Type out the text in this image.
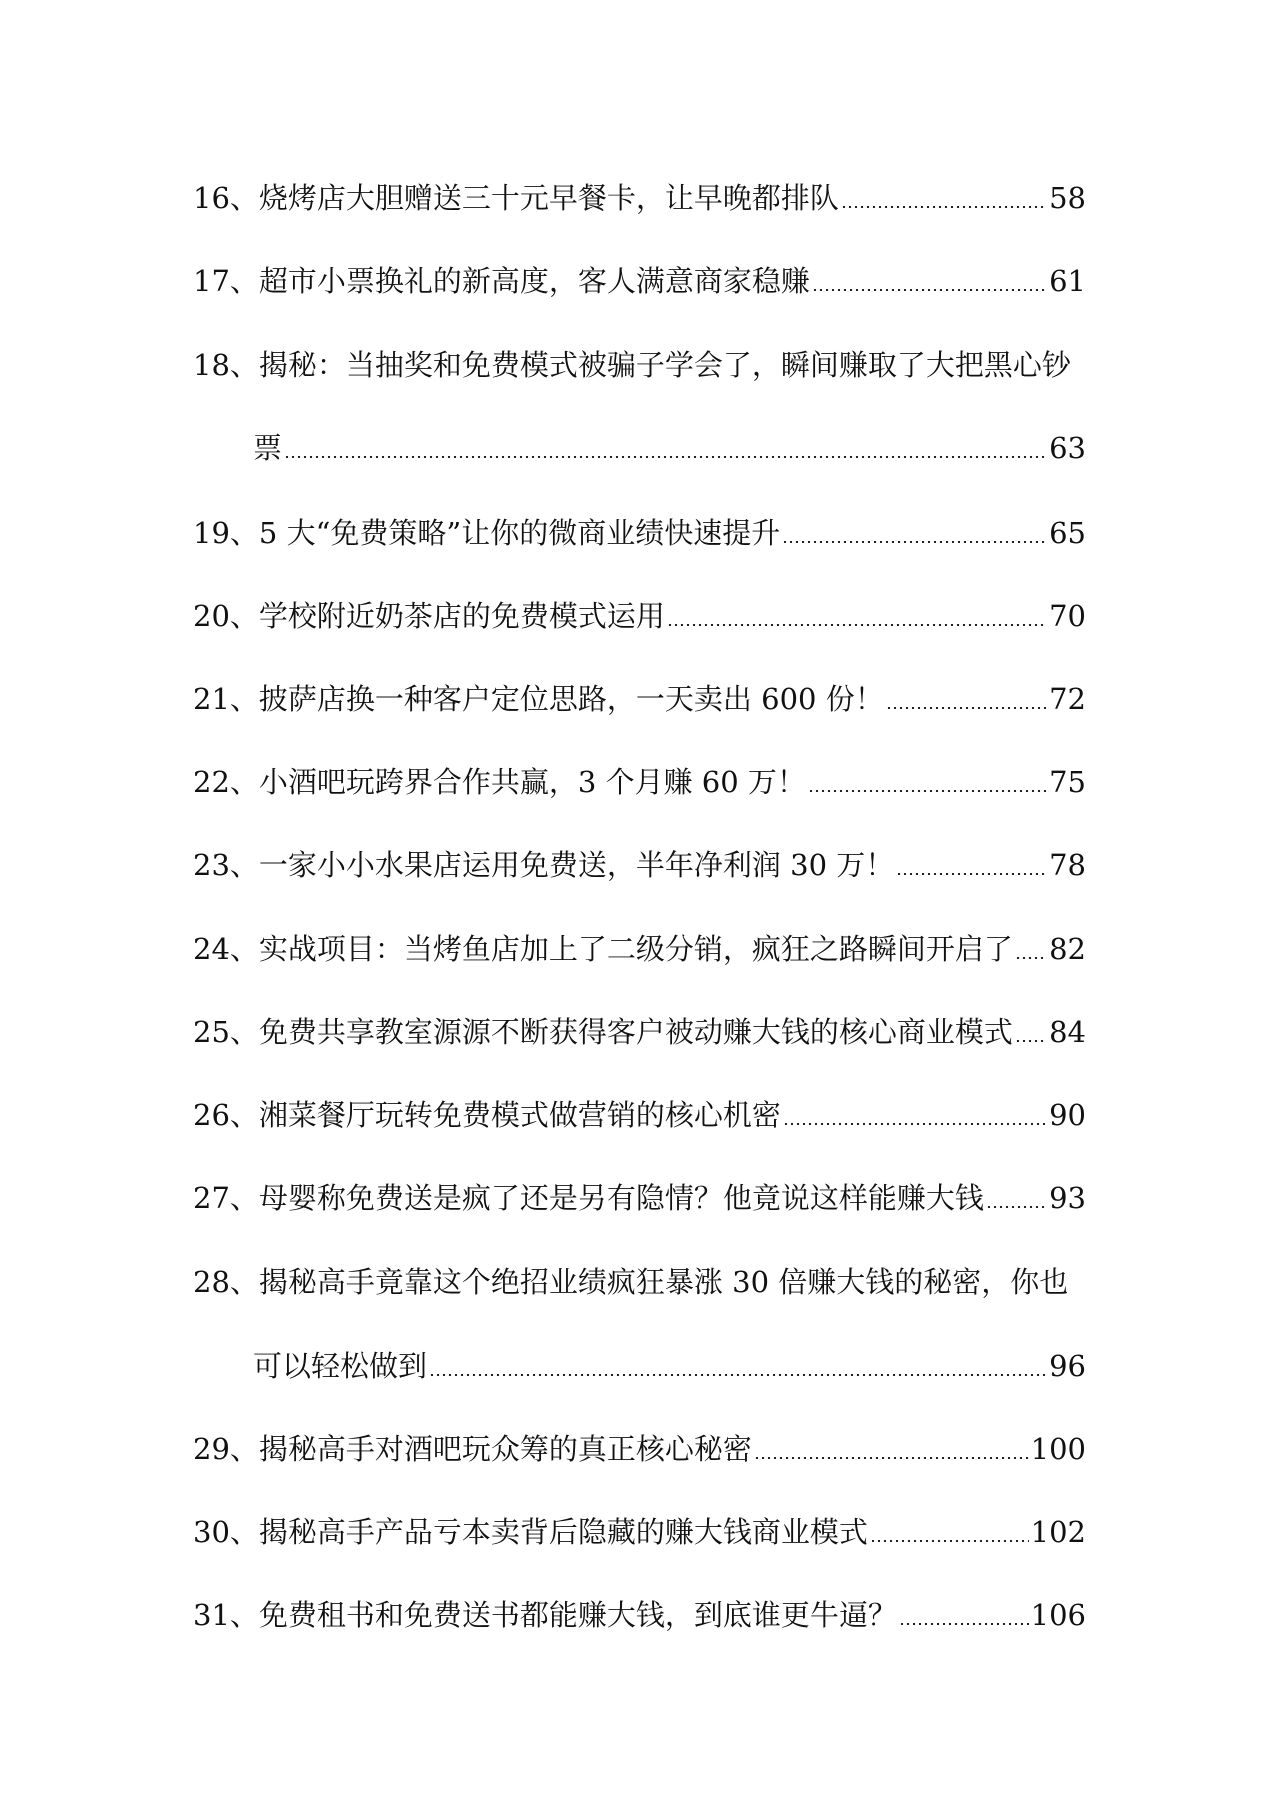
16、 烧烤店大胆赠送三十元早餐卡，让早晚都排队	58
17、 超市小票换礼的新高度，客人满意商家稳赚	61
18、 揭秘：当抽奖和免费模式被骗子学会了，瞬间赚取了大把黑心钞
票	63
19、 5 大“免费策略”让你的微商业绩快速提升	65
20、 学校附近奶茶店的免费模式运用	70
21、 披萨店换一种客户定位思路，一天卖出 600 份！	72
22、 小酒吧玩跨界合作共赢，3 个月赚 60 万！	75
23、 一家小小水果店运用免费送，半年净利润 30 万！	78
24、 实战项目：当烤鱼店加上了二级分销，疯狂之路瞬间开启了 82
25、 免费共享教室源源不断获得客户被动赚大钱的核心商业模式 84
26、 湘菜餐厅玩转免费模式做营销的核心机密	90
27、 母婴称免费送是疯了还是另有隐情？他竟说这样能赚大钱 93
28、 揭秘高手竟靠这个绝招业绩疯狂暴涨 30 倍赚大钱的秘密，你也
可以轻松做到	96
29、 揭秘高手对酒吧玩众筹的真正核心秘密	100
30、 揭秘高手产品亏本卖背后隐藏的赚大钱商业模式	102
31、 免费租书和免费送书都能赚大钱，到底谁更牛逼？	106
